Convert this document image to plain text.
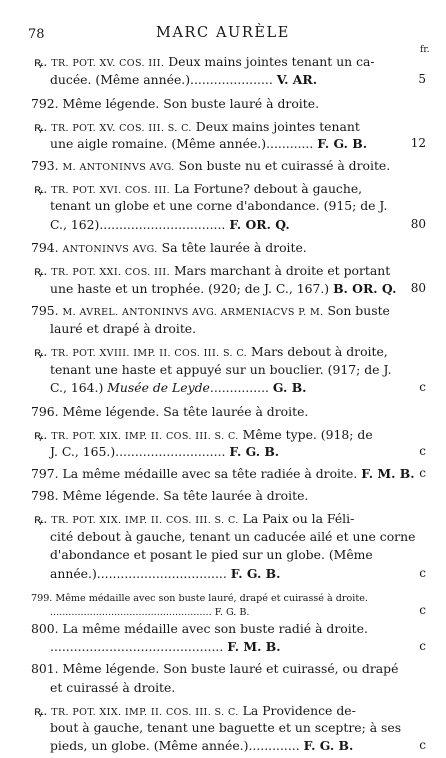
78	MARC AURÈLE
fr.
ꝶ. TR. POT. XV. COS. III. Deux mains jointes tenant un ca-
ducée. (Même année.)..................... V. AR.	5
792. Même légende. Son buste lauré à droite.
ꝶ. TR. POT. XV. COS. III. S. C. Deux mains jointes tenant
une aigle romaine. (Même année.)............ F. G. B.	12
793. M. ANTONINVS AVG. Son buste nu et cuirassé à droite.
ꝶ. TR. POT. XVI. COS. III. La Fortune? debout à gauche,
tenant un globe et une corne d'abondance. (915; de J.
C., 162)................................ F. OR. Q.	80
794. ANTONINVS AVG. Sa tête laurée à droite.
ꝶ. TR. POT. XXI. COS. III. Mars marchant à droite et portant
une haste et un trophée. (920; de J. C., 167.) B. OR. Q. 80
795. M. AVREL. ANTONINVS AVG. ARMENIACVS P. M. Son buste
lauré et drapé à droite.
ꝶ. TR. POT. XVIII. IMP. II. COS. III. S. C. Mars debout à droite,
tenant une haste et appuyé sur un bouclier. (917; de J.
C., 164.) Musée de Leyde............... G. B.	c
796. Même légende. Sa tête laurée à droite.
ꝶ. TR. POT. XIX. IMP. II. COS. III. S. C. Même type. (918; de
J. C., 165.)............................ F. G. B.	c
797. La même médaille avec sa tête radiée à droite. F. M. B. c
798. Même légende. Sa tête laurée à droite.
ꝶ. TR. POT. XIX. IMP. II. COS. III. S. C. La Paix ou la Féli-
cité debout à gauche, tenant un caducée ailé et une corne
d'abondance et posant le pied sur un globe. (Même
année.)................................. F. G. B.	c
799. Même médaille avec son buste lauré, drapé et cuirassé à droite.
..................................................... F. G. B.	c
800. La même médaille avec son buste radié à droite.
............................................ F. M. B.	c
801. Même légende. Son buste lauré et cuirassé, ou drapé
et cuirassé à droite.
ꝶ. TR. POT. XIX. IMP. II. COS. III. S. C. La Providence de-
bout à gauche, tenant une baguette et un sceptre; à ses
pieds, un globe. (Même année.)............. F. G. B.	c
